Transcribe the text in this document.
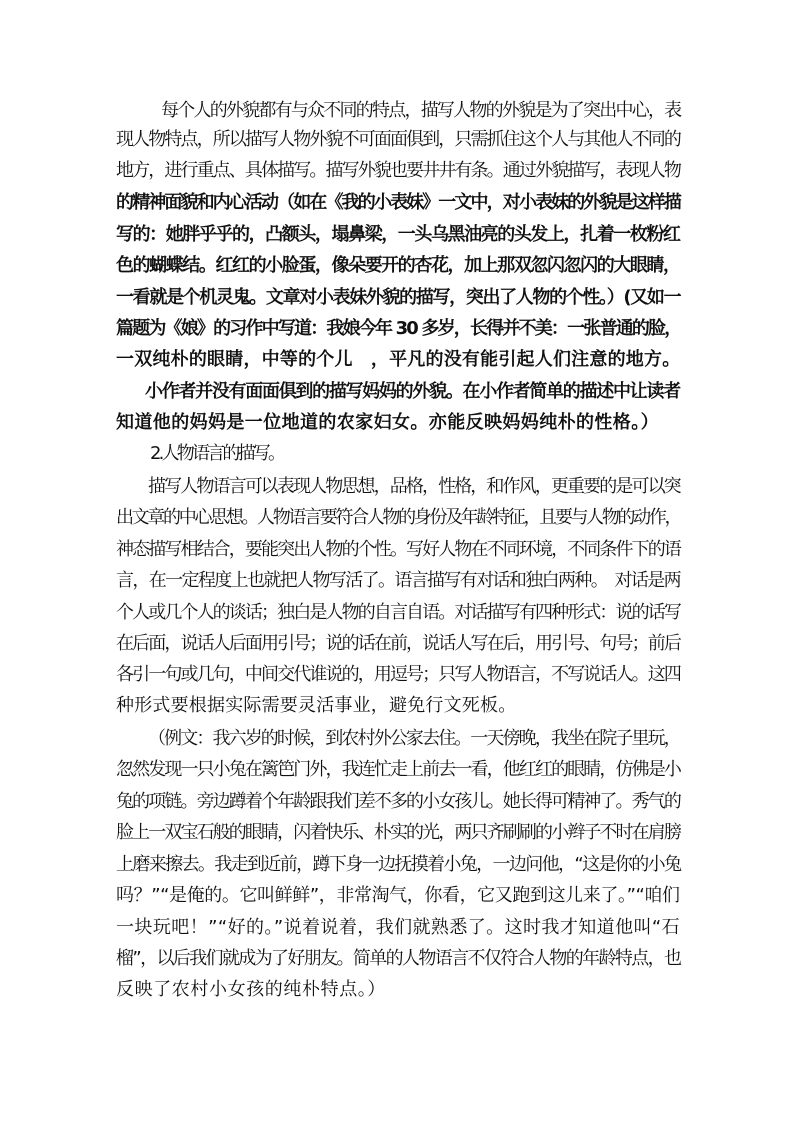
每个人的外貌都有与众不同的特点，描写人物的外貌是为了突出中心，表
现人物特点，所以描写人物外貌不可面面俱到，只需抓住这个人与其他人不同的
地方，进行重点、具体描写。描写外貌也要井井有条。通过外貌描写，表现人物
的精神面貌和内心活动（如在《我的小表妹》一文中，对小表妹的外貌是这样描
写的：她胖乎乎的，凸额头，塌鼻梁，一头乌黑油亮的头发上，扎着一枚粉红
色的蝴蝶结。红红的小脸蛋，像朵要开的杏花，加上那双忽闪忽闪的大眼睛，
一看就是个机灵鬼。文章对小表妹外貌的描写，突出了人物的个性。）(又如一
篇题为《娘》的习作中写道：我娘今年 30 多岁，长得并不美：一张普通的脸，
一双纯朴的眼睛，中等的个儿　，平凡的没有能引起人们注意的地方。
小作者并没有面面俱到的描写妈妈的外貌。在小作者简单的描述中让读者
知道他的妈妈是一位地道的农家妇女。亦能反映妈妈纯朴的性格。）
2.人物语言的描写。
描写人物语言可以表现人物思想，品格，性格，和作风，更重要的是可以突
出文章的中心思想。人物语言要符合人物的身份及年龄特征，且要与人物的动作，
神态描写相结合，要能突出人物的个性。写好人物在不同环境，不同条件下的语
言，在一定程度上也就把人物写活了。语言描写有对话和独白两种。　对话是两
个人或几个人的谈话；独白是人物的自言自语。对话描写有四种形式：说的话写
在后面，说话人后面用引号；说的话在前，说话人写在后，用引号、句号；前后
各引一句或几句，中间交代谁说的，用逗号；只写人物语言，不写说话人。这四
种形式要根据实际需要灵活事业，避免行文死板。
（例文：我六岁的时候，到农村外公家去住。一天傍晚，我坐在院子里玩，
忽然发现一只小兔在篱笆门外，我连忙走上前去一看，他红红的眼睛，仿佛是小
兔的项链。旁边蹲着个年龄跟我们差不多的小女孩儿。她长得可精神了。秀气的
脸上一双宝石般的眼睛，闪着快乐、朴实的光，两只齐刷刷的小辫子不时在肩膀
上磨来擦去。我走到近前，蹲下身一边抚摸着小兔，一边问他，“这是你的小兔
吗？”“是俺的。它叫鲜鲜”，非常淘气，你看，它又跑到这儿来了。”“咱们
一块玩吧！”“好的。”说着说着，我们就熟悉了。这时我才知道他叫“石
榴”，以后我们就成为了好朋友。简单的人物语言不仅符合人物的年龄特点，也
反映了农村小女孩的纯朴特点。）
